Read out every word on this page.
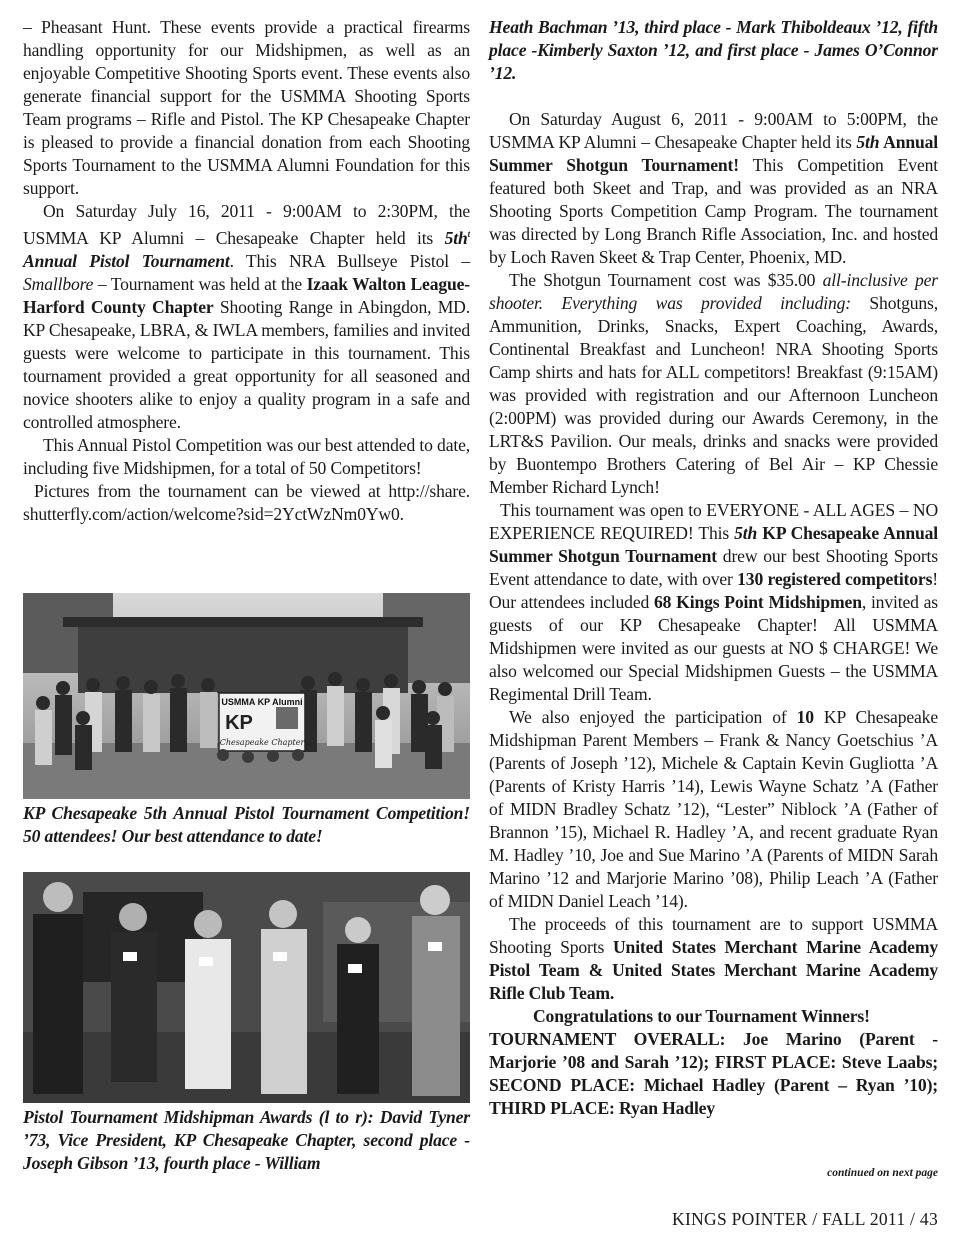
– Pheasant Hunt. These events provide a practical firearms handling opportunity for our Midshipmen, as well as an enjoyable Competitive Shooting Sports event. These events also generate financial support for the USMMA Shooting Sports Team programs – Rifle and Pistol. The KP Chesapeake Chapter is pleased to provide a financial donation from each Shooting Sports Tournament to the USMMA Alumni Foundation for this support.

On Saturday July 16, 2011 - 9:00AM to 2:30PM, the USMMA KP Alumni – Chesapeake Chapter held its $5th^t$ Annual Pistol Tournament. This NRA Bullseye Pistol – Smallbore – Tournament was held at the Izaak Walton League- Harford County Chapter Shooting Range in Abingdon, MD. KP Chesapeake, LBRA, & IWLA members, families and invited guests were welcome to participate in this tournament. This tournament provided a great opportunity for all seasoned and novice shooters alike to enjoy a quality program in a safe and controlled atmosphere.

This Annual Pistol Competition was our best attended to date, including five Midshipmen, for a total of 50 Competitors!

Pictures from the tournament can be viewed at http://share. shutterfly.com/action/welcome?sid=2YctWzNm0Yw0.

USMMA KP Alumni
KP
Chesapeake Chapter
KP Chesapeake 5th Annual Pistol Tournament Competition! 50 attendees! Our best attendance to date!
Pistol Tournament Midshipman Awards (l to r): David Tyner ’73, Vice President, KP Chesapeake Chapter, second place - Joseph Gibson ’13, fourth place - William

Heath Bachman ’13, third place - Mark Thiboldeaux ’12, fifth place -Kimberly Saxton ’12, and first place - James O’Connor ’12.

On Saturday August 6, 2011 - 9:00AM to 5:00PM, the USMMA KP Alumni – Chesapeake Chapter held its 5th Annual Summer Shotgun Tournament! This Competition Event featured both Skeet and Trap, and was provided as an NRA Shooting Sports Competition Camp Program. The tournament was directed by Long Branch Rifle Association, Inc. and hosted by Loch Raven Skeet & Trap Center, Phoenix, MD.

The Shotgun Tournament cost was $35.00 all-inclusive per shooter. Everything was provided including: Shotguns, Ammunition, Drinks, Snacks, Expert Coaching, Awards, Continental Breakfast and Luncheon! NRA Shooting Sports Camp shirts and hats for ALL competitors! Breakfast (9:15AM) was provided with registration and our Afternoon Luncheon (2:00PM) was provided during our Awards Ceremony, in the LRT&S Pavilion. Our meals, drinks and snacks were provided by Buontempo Brothers Catering of Bel Air – KP Chessie Member Richard Lynch!

This tournament was open to EVERYONE - ALL AGES – NO EXPERIENCE REQUIRED! This 5th KP Chesapeake Annual Summer Shotgun Tournament drew our best Shooting Sports Event attendance to date, with over 130 registered competitors! Our attendees included 68 Kings Point Midshipmen, invited as guests of our KP Chesapeake Chapter! All USMMA Midshipmen were invited as our guests at NO $ CHARGE! We also welcomed our Special Midshipmen Guests – the USMMA Regimental Drill Team.

We also enjoyed the participation of 10 KP Chesapeake Midshipman Parent Members – Frank & Nancy Goetschius ’A (Parents of Joseph ’12), Michele & Captain Kevin Gugliotta ’A (Parents of Kristy Harris ’14), Lewis Wayne Schatz ’A (Father of MIDN Bradley Schatz ’12), “Lester” Niblock ’A (Father of Brannon ’15), Michael R. Hadley ’A, and recent graduate Ryan M. Hadley ’10, Joe and Sue Marino ’A (Parents of MIDN Sarah Marino ’12 and Marjorie Marino ’08), Philip Leach ’A (Father of MIDN Daniel Leach ’14).

The proceeds of this tournament are to support USMMA Shooting Sports United States Merchant Marine Academy Pistol Team & United States Merchant Marine Academy Rifle Club Team.

Congratulations to our Tournament Winners!

TOURNAMENT OVERALL: Joe Marino (Parent - Marjorie ’08 and Sarah ’12); FIRST PLACE: Steve Laabs; SECOND PLACE: Michael Hadley (Parent – Ryan ’10); THIRD PLACE: Ryan Hadley

continued on next page
KINGS POINTER / FALL 2011 / 43
